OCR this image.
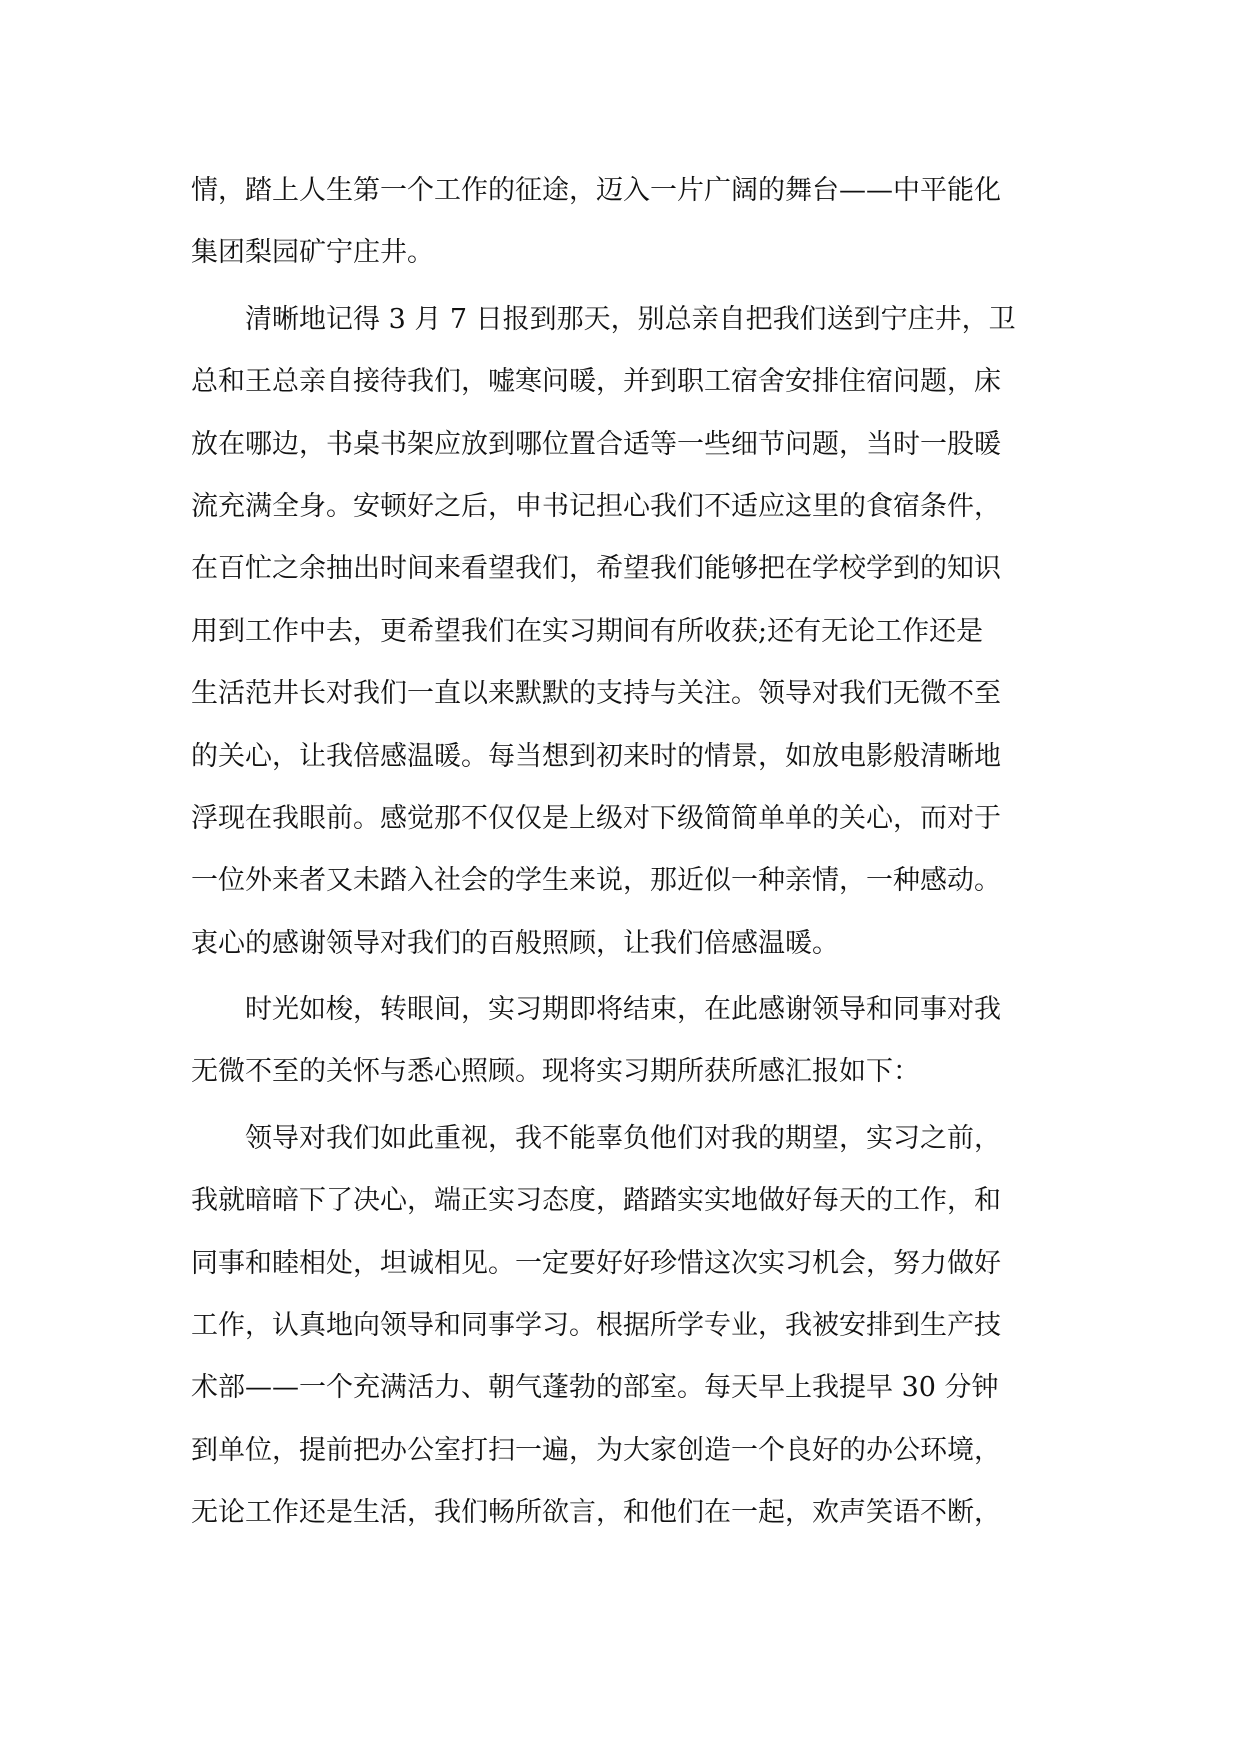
情，踏上人生第一个工作的征途，迈入一片广阔的舞台——中平能化
集团梨园矿宁庄井。
　　清晰地记得 3 月 7 日报到那天，别总亲自把我们送到宁庄井，卫
总和王总亲自接待我们，嘘寒问暖，并到职工宿舍安排住宿问题，床
放在哪边，书桌书架应放到哪位置合适等一些细节问题，当时一股暖
流充满全身。安顿好之后，申书记担心我们不适应这里的食宿条件，
在百忙之余抽出时间来看望我们，希望我们能够把在学校学到的知识
用到工作中去，更希望我们在实习期间有所收获;还有无论工作还是
生活范井长对我们一直以来默默的支持与关注。领导对我们无微不至
的关心，让我倍感温暖。每当想到初来时的情景，如放电影般清晰地
浮现在我眼前。感觉那不仅仅是上级对下级简简单单的关心，而对于
一位外来者又未踏入社会的学生来说，那近似一种亲情，一种感动。
衷心的感谢领导对我们的百般照顾，让我们倍感温暖。
　　时光如梭，转眼间，实习期即将结束，在此感谢领导和同事对我
无微不至的关怀与悉心照顾。现将实习期所获所感汇报如下：
　　领导对我们如此重视，我不能辜负他们对我的期望，实习之前，
我就暗暗下了决心，端正实习态度，踏踏实实地做好每天的工作，和
同事和睦相处，坦诚相见。一定要好好珍惜这次实习机会，努力做好
工作，认真地向领导和同事学习。根据所学专业，我被安排到生产技
术部——一个充满活力、朝气蓬勃的部室。每天早上我提早 30 分钟
到单位，提前把办公室打扫一遍，为大家创造一个良好的办公环境，
无论工作还是生活，我们畅所欲言，和他们在一起，欢声笑语不断，
